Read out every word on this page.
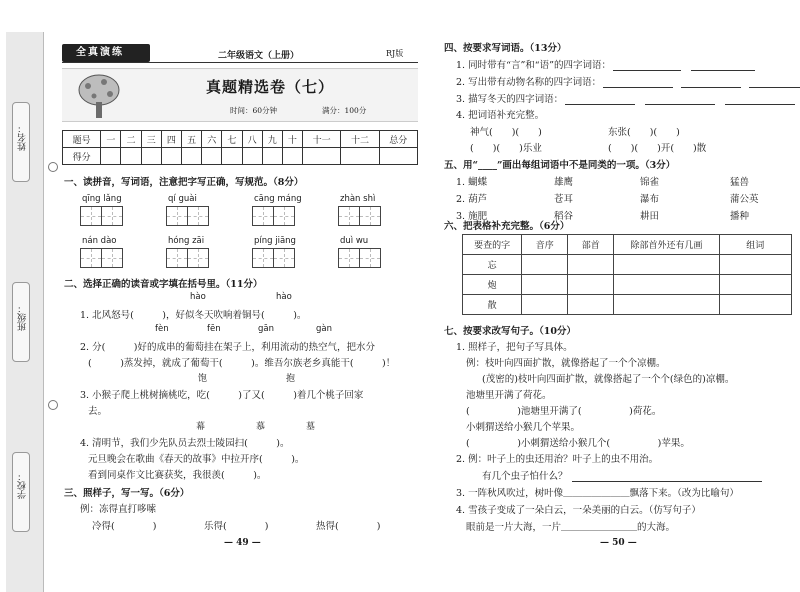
姓名：
班级：
学校：
全真演练	二年级语文（上册）	RJ版
真题精选卷（七）
时间：60分钟	满分：100分
题号	一	二	三	四	五	六	七	八	九	十	十一	十二	总分
得分													
一、读拼音，写词语，注意把字写正确，写规范。（8分）
qīng lǎng	qí guài	cāng máng	zhàn shì
nán dào	hóng zāi	píng jiāng	duì wu
二、选择正确的读音或字填在括号里。（11分）
hào	hào
1. 北风怒号(　　　)，好似冬天吹响着铜号(　　　)。
fèn	fēn	gān	gàn
2. 分(　　　)好的成串的葡萄挂在架子上，利用流动的热空气，把水分
(　　　)蒸发掉，就成了葡萄干(　　　)。维吾尔族老乡真能干(　　　)！
饱	抱
3. 小猴子爬上桃树摘桃吃，吃(　　　)了又(　　　)着几个桃子回家
去。
幕	慕	墓
4. 清明节，我们少先队员去烈士陵园扫(　　　)。
元旦晚会在歌曲《春天的故事》中拉开序(　　　)。
看到同桌作文比赛获奖，我很羡(　　　)。
三、照样子，写一写。（6分）
例：冻得直打哆嗦
冷得(　　　　)	乐得(　　　　)	热得(　　　　)
— 49 —
四、按要求写词语。（13分）
1. 同时带有“言”和“语”的四字词语：
2. 写出带有动物名称的四字词语：
3. 描写冬天的四字词语：
4. 把词语补充完整。
神气(　　)(　　)	东张(　　)(　　)
(　　)(　　)乐业	(　　)(　　)开(　　)散
五、用“____”画出每组词语中不是同类的一项。（3分）
1. 蝴蝶	雄鹰	锦雀	猛兽
2. 葫芦	苍耳	瀑布	蒲公英
3. 施肥	稻谷	耕田	播种
六、把表格补充完整。（6分）
要查的字	音序	部首	除部首外还有几画	组词
忘				
炮				
散				
七、按要求改写句子。（10分）
1. 照样子，把句子写具体。
例：枝叶向四面扩散，就像搭起了一个个凉棚。
(茂密的)枝叶向四面扩散，就像搭起了一个个(绿色的)凉棚。
池塘里开满了荷花。
(　　　　　)池塘里开满了(　　　　　)荷花。
小刺猬送给小猴几个苹果。
(　　　　　)小刺猬送给小猴几个(　　　　　)苹果。
2. 例：叶子上的虫还用治？叶子上的虫不用治。
有几个虫子怕什么？
3. 一阵秋风吹过，树叶像＿＿＿＿＿＿＿飘落下来。（改为比喻句）
4. 雪孩子变成了一朵白云，一朵美丽的白云。（仿写句子）
眼前是一片大海，一片＿＿＿＿＿＿＿＿的大海。
— 50 —
